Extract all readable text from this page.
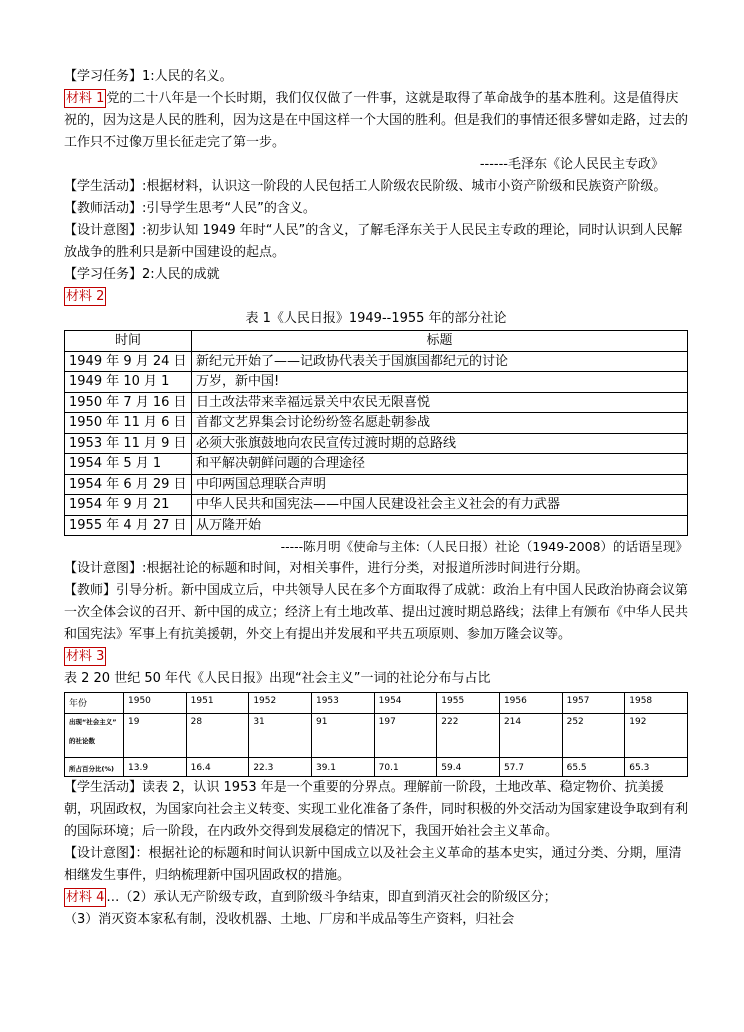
【学习任务】1:人民的名义。

材料 1 党的二十八年是一个长时期，我们仅仅做了一件事，这就是取得了革命战争的基本胜利。这是值得庆祝的，因为这是人民的胜利，因为这是在中国这样一个大国的胜利。但是我们的事情还很多譬如走路，过去的工作只不过像万里长征走完了第一步。

------毛泽东《论人民民主专政》

【学生活动】:根据材料，认识这一阶段的人民包括工人阶级农民阶级、城市小资产阶级和民族资产阶级。

【教师活动】:引导学生思考“人民”的含义。

【设计意图】:初步认知 1949 年时“人民”的含义，了解毛泽东关于人民民主专政的理论，同时认识到人民解放战争的胜利只是新中国建设的起点。

【学习任务】2:人民的成就

材料 2

表 1《人民日报》1949--1955 年的部分社论
时间	标题
1949 年 9 月 24 日	新纪元开始了——记政协代表关于国旗国都纪元的讨论
1949 年 10 月 1	万岁，新中国!
1950 年 7 月 16 日	日土改法带来幸福远景关中农民无限喜悦
1950 年 11 月 6 日	首都文艺界集会讨论纷纷签名愿赴朝参战
1953 年 11 月 9 日	必须大张旗鼓地向农民宣传过渡时期的总路线
1954 年 5 月 1	和平解决朝鲜问题的合理途径
1954 年 6 月 29 日	中印两国总理联合声明
1954 年 9 月 21	中华人民共和国宪法——中国人民建设社会主义社会的有力武器
1955 年 4 月 27 日	从万隆开始

-----陈月明《使命与主体:（人民日报）社论（1949-2008）的话语呈现》

【设计意图】:根据社论的标题和时间，对相关事件，进行分类，对报道所涉时间进行分期。

【教师】引导分析。新中国成立后，中共领导人民在多个方面取得了成就：政治上有中国人民政治协商会议第一次全体会议的召开、新中国的成立；经济上有土地改革、提出过渡时期总路线；法律上有颁布《中华人民共和国宪法》军事上有抗美援朝，外交上有提出并发展和平共五项原则、参加万隆会议等。

材料 3

表 2 20 世纪 50 年代《人民日报》出现“社会主义”一词的社论分布与占比

年份	1950	1951	1952	1953	1954	1955	1956	1957	1958

出现“社会主义”
的社论数	19	28	31	91	197	222	214	252	192
所占百分比(%)	13.9	16.4	22.3	39.1	70.1	59.4	57.7	65.5	65.3

【学生活动】读表 2，认识 1953 年是一个重要的分界点。理解前一阶段，土地改革、稳定物价、抗美援朝，巩固政权，为国家向社会主义转变、实现工业化准备了条件，同时积极的外交活动为国家建设争取到有利的国际环境；后一阶段，在内政外交得到发展稳定的情况下，我国开始社会主义革命。

【设计意图】：根据社论的标题和时间认识新中国成立以及社会主义革命的基本史实，通过分类、分期，厘清相继发生事件，归纳梳理新中国巩固政权的措施。

材料 4 …（2）承认无产阶级专政，直到阶级斗争结束，即直到消灭社会的阶级区分；

（3）消灭资本家私有制，没收机器、土地、厂房和半成品等生产资料，归社会
